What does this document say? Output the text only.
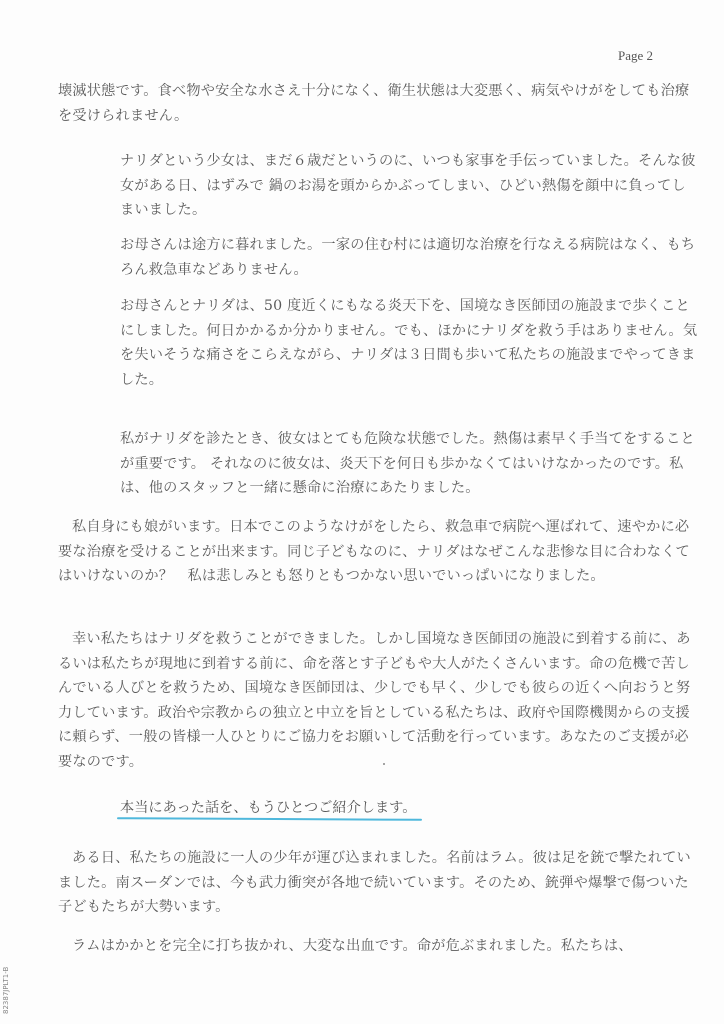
Page 2

壊滅状態です。食べ物や安全な水さえ十分になく、衛生状態は大変悪く、病気やけがをしても治療を受けられません。

ナリダという少女は、まだ６歳だというのに、いつも家事を手伝っていました。そんな彼女がある日、はずみで 鍋のお湯を頭からかぶってしまい、ひどい熱傷を顔中に負ってしまいました。

お母さんは途方に暮れました。一家の住む村には適切な治療を行なえる病院はなく、もちろん救急車などありません。

お母さんとナリダは、50 度近くにもなる炎天下を、国境なき医師団の施設まで歩くことにしました。何日かかるか分かりません。でも、ほかにナリダを救う手はありません。気を失いそうな痛さをこらえながら、ナリダは３日間も歩いて私たちの施設までやってきました。

私がナリダを診たとき、彼女はとても危険な状態でした。熱傷は素早く手当てをすることが重要です。 それなのに彼女は、炎天下を何日も歩かなくてはいけなかったのです。私は、他のスタッフと一緒に懸命に治療にあたりました。

私自身にも娘がいます。日本でこのようなけがをしたら、救急車で病院へ運ばれて、速やかに必要な治療を受けることが出来ます。同じ子どもなのに、ナリダはなぜこんな悲惨な目に合わなくてはいけないのか？　私は悲しみとも怒りともつかない思いでいっぱいになりました。

幸い私たちはナリダを救うことができました。しかし国境なき医師団の施設に到着する前に、あるいは私たちが現地に到着する前に、命を落とす子どもや大人がたくさんいます。命の危機で苦しんでいる人びとを救うため、国境なき医師団は、少しでも早く、少しでも彼らの近くへ向おうと努力しています。政治や宗教からの独立と中立を旨としている私たちは、政府や国際機関からの支援に頼らず、一般の皆様一人ひとりにご協力をお願いして活動を行っています。あなたのご支援が必要なのです。

本当にあった話を、もうひとつご紹介します。

ある日、私たちの施設に一人の少年が運び込まれました。名前はラム。彼は足を銃で撃たれていました。南スーダンでは、今も武力衝突が各地で続いています。そのため、銃弾や爆撃で傷ついた子どもたちが大勢います。

ラムはかかとを完全に打ち抜かれ、大変な出血です。命が危ぶまれました。私たちは、

82387JPLT1-B
